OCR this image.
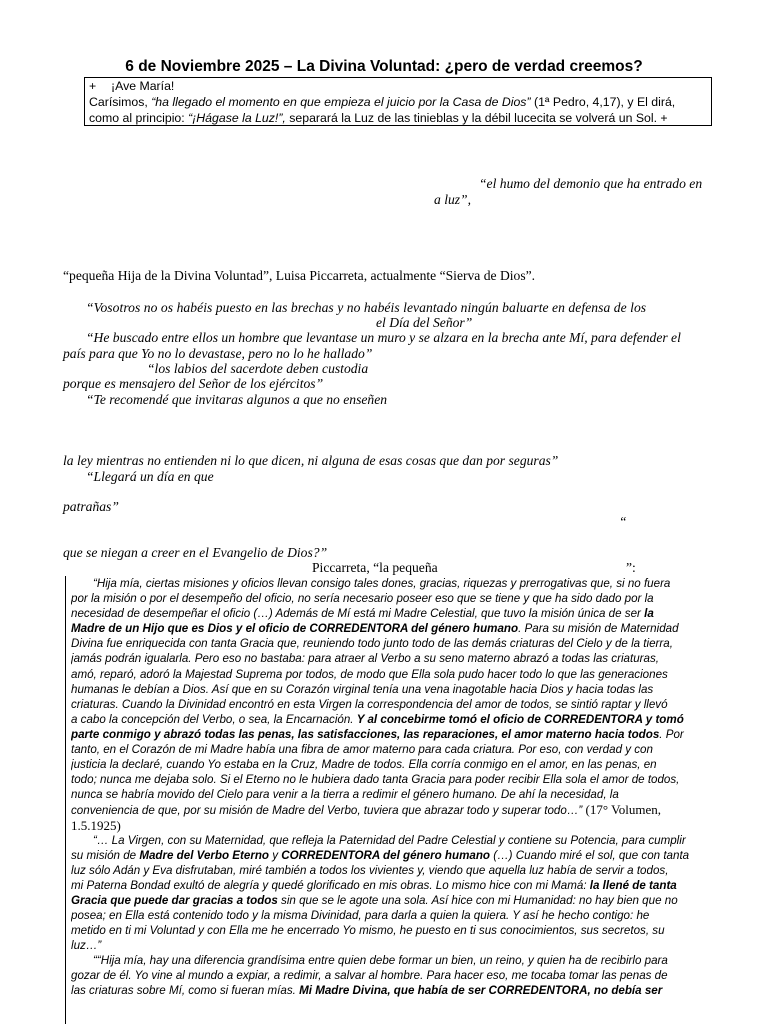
6 de Noviembre 2025 – La Divina Voluntad: ¿pero de verdad creemos?
+ ¡Ave María!
Carísimos, “ha llegado el momento en que empieza el juicio por la Casa de Dios” (1ª Pedro, 4,17), y El dirá,
como al principio: “¡Hágase la Luz!”, separará la Luz de las tinieblas y la débil lucecita se volverá un Sol. +
“el humo del demonio que ha entrado en
a luz”,
“pequeña Hija de la Divina Voluntad”, Luisa Piccarreta, actualmente “Sierva de Dios”.
“Vosotros no os habéis puesto en las brechas y no habéis levantado ningún baluarte en defensa de los
el Día del Señor”
“He buscado entre ellos un hombre que levantase un muro y se alzara en la brecha ante Mí, para defender el
país para que Yo no lo devastase, pero no lo he hallado”
“los labios del sacerdote deben custodia
porque es mensajero del Señor de los ejércitos”
“Te recomendé que invitaras algunos a que no enseñen
la ley mientras no entienden ni lo que dicen, ni alguna de esas cosas que dan por seguras”
“Llegará un día en que
patrañas”
“
que se niegan a creer en el Evangelio de Dios?”
Piccarreta, “la pequeña	”:
“Hija mía, ciertas misiones y oficios llevan consigo tales dones, gracias, riquezas y prerrogativas que, si no fuera
por la misión o por el desempeño del oficio, no sería necesario poseer eso que se tiene y que ha sido dado por la
necesidad de desempeñar el oficio (…) Además de Mí está mi Madre Celestial, que tuvo la misión única de ser la
Madre de un Hijo que es Dios y el oficio de CORREDENTORA del género humano. Para su misión de Maternidad
Divina fue enriquecida con tanta Gracia que, reuniendo todo junto todo de las demás criaturas del Cielo y de la tierra,
jamás podrán igualarla. Pero eso no bastaba: para atraer al Verbo a su seno materno abrazó a todas las criaturas,
amó, reparó, adoró la Majestad Suprema por todos, de modo que Ella sola pudo hacer todo lo que las generaciones
humanas le debían a Dios. Así que en su Corazón virginal tenía una vena inagotable hacia Dios y hacia todas las
criaturas. Cuando la Divinidad encontró en esta Virgen la correspondencia del amor de todos, se sintió raptar y llevó
a cabo la concepción del Verbo, o sea, la Encarnación. Y al concebirme tomó el oficio de CORREDENTORA y tomó
parte conmigo y abrazó todas las penas, las satisfacciones, las reparaciones, el amor materno hacia todos. Por
tanto, en el Corazón de mi Madre había una fibra de amor materno para cada criatura. Por eso, con verdad y con
justicia la declaré, cuando Yo estaba en la Cruz, Madre de todos. Ella corría conmigo en el amor, en las penas, en
todo; nunca me dejaba solo. Si el Eterno no le hubiera dado tanta Gracia para poder recibir Ella sola el amor de todos,
nunca se habría movido del Cielo para venir a la tierra a redimir el género humano. De ahí la necesidad, la
conveniencia de que, por su misión de Madre del Verbo, tuviera que abrazar todo y superar todo…” (17° Volumen,
1.5.1925)
“… La Virgen, con su Maternidad, que refleja la Paternidad del Padre Celestial y contiene su Potencia, para cumplir
su misión de Madre del Verbo Eterno y CORREDENTORA del género humano (…) Cuando miré el sol, que con tanta
luz sólo Adán y Eva disfrutaban, miré también a todos los vivientes y, viendo que aquella luz había de servir a todos,
mi Paterna Bondad exultó de alegría y quedé glorificado en mis obras. Lo mismo hice con mi Mamá: la llené de tanta
Gracia que puede dar gracias a todos sin que se le agote una sola. Así hice con mi Humanidad: no hay bien que no
posea; en Ella está contenido todo y la misma Divinidad, para darla a quien la quiera. Y así he hecho contigo: he
metido en ti mi Voluntad y con Ella me he encerrado Yo mismo, he puesto en ti sus conocimientos, sus secretos, su
luz…”
““Hija mía, hay una diferencia grandísima entre quien debe formar un bien, un reino, y quien ha de recibirlo para
gozar de él. Yo vine al mundo a expiar, a redimir, a salvar al hombre. Para hacer eso, me tocaba tomar las penas de
las criaturas sobre Mí, como si fueran mías. Mi Madre Divina, que había de ser CORREDENTORA, no debía ser
